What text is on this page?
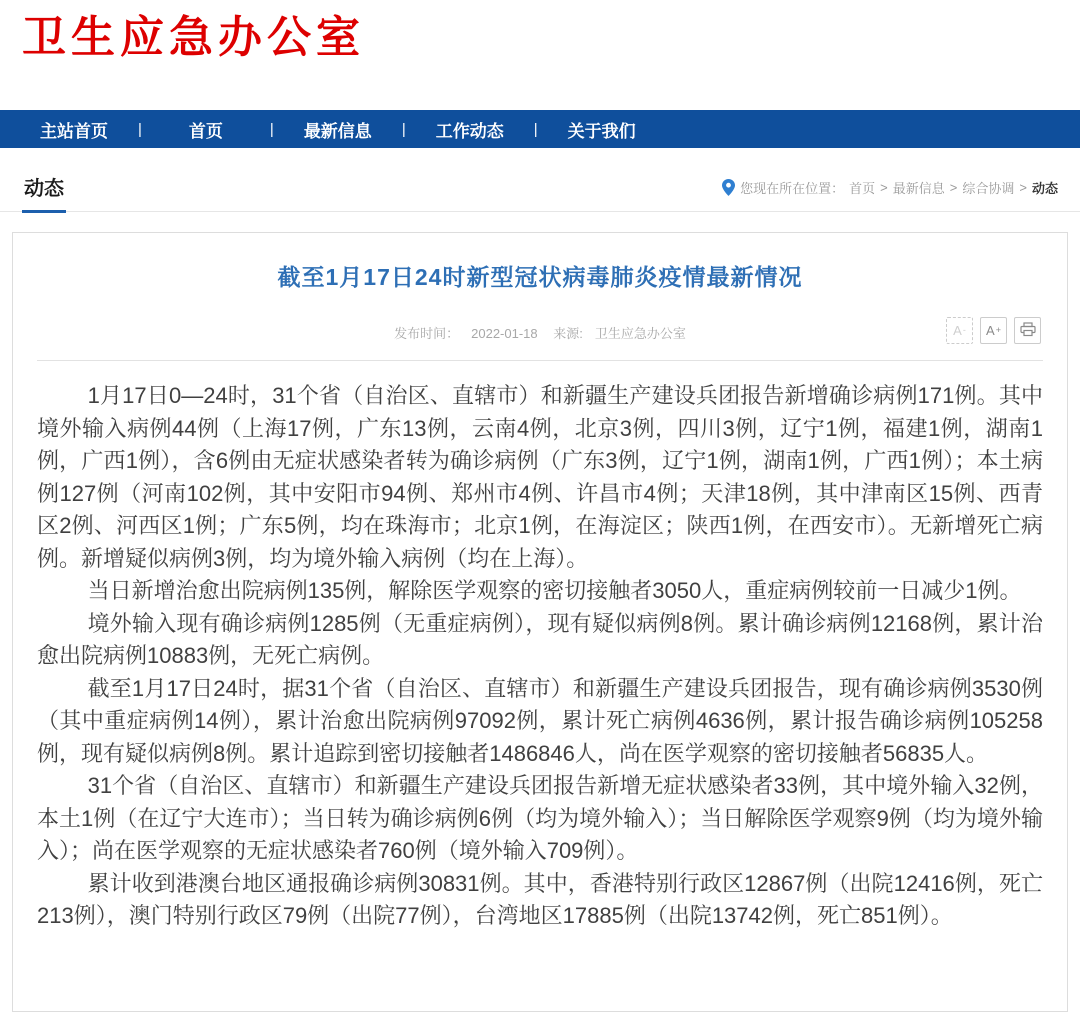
卫生应急办公室
主站首页	|	首页	|	最新信息	|	工作动态	|	关于我们
动态	您现在所在位置： 首页 > 最新信息 > 综合协调 > 动态
截至1月17日24时新型冠状病毒肺炎疫情最新情况
发布时间： 2022-01-18 来源: 卫生应急办公室	A - A +

1月17日0—24时，31个省（自治区、直辖市）和新疆生产建设兵团报告新增确诊病例171例。其中境外输入病例44例（上海17例，广东13例，云南4例，北京3例，四川3例，辽宁1例，福建1例，湖南1例，广西1例），含6例由无症状感染者转为确诊病例（广东3例，辽宁1例，湖南1例，广西1例）；本土病例127例（河南102例，其中安阳市94例、郑州市4例、许昌市4例；天津18例，其中津南区15例、西青区2例、河西区1例；广东5例，均在珠海市；北京1例，在海淀区；陕西1例，在西安市）。无新增死亡病例。新增疑似病例3例，均为境外输入病例（均在上海）。

当日新增治愈出院病例135例，解除医学观察的密切接触者3050人，重症病例较前一日减少1例。

境外输入现有确诊病例1285例（无重症病例），现有疑似病例8例。累计确诊病例12168例，累计治愈出院病例10883例，无死亡病例。

截至1月17日24时，据31个省（自治区、直辖市）和新疆生产建设兵团报告，现有确诊病例3530例（其中重症病例14例），累计治愈出院病例97092例，累计死亡病例4636例，累计报告确诊病例105258例，现有疑似病例8例。累计追踪到密切接触者1486846人，尚在医学观察的密切接触者56835人。

31个省（自治区、直辖市）和新疆生产建设兵团报告新增无症状感染者33例，其中境外输入32例，本土1例（在辽宁大连市）；当日转为确诊病例6例（均为境外输入）；当日解除医学观察9例（均为境外输入）；尚在医学观察的无症状感染者760例（境外输入709例）。

累计收到港澳台地区通报确诊病例30831例。其中，香港特别行政区12867例（出院12416例，死亡213例），澳门特别行政区79例（出院77例），台湾地区17885例（出院13742例，死亡851例）。
